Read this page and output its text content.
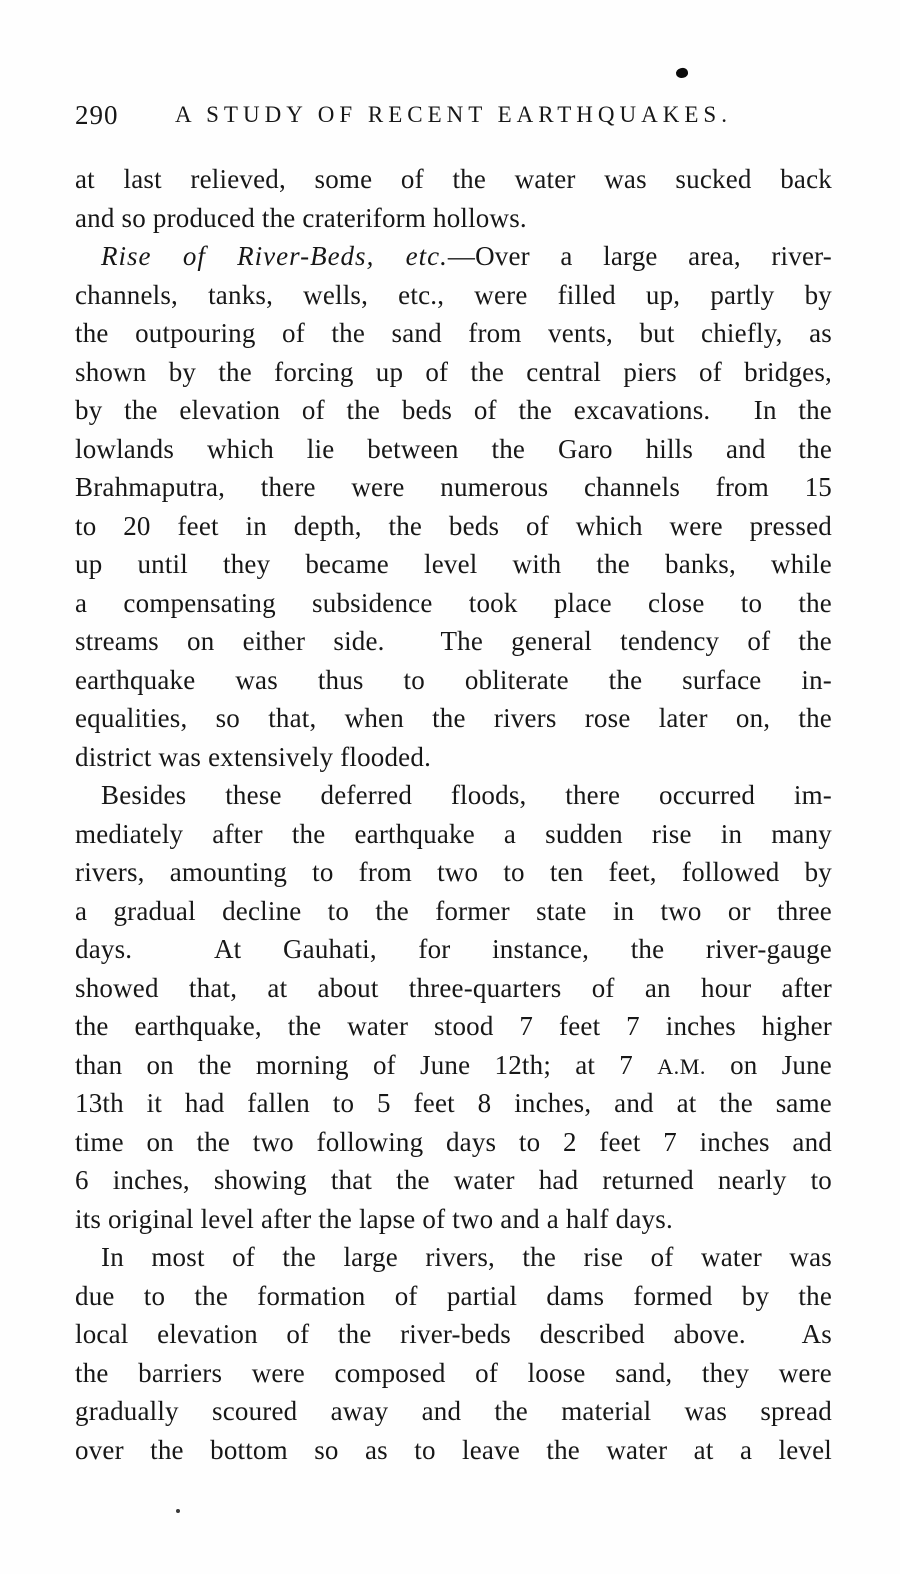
290 A STUDY OF RECENT EARTHQUAKES.
at last relieved, some of the water was sucked back
and so produced the crateriform hollows.
Rise of River-Beds, etc.—Over a large area, river-
channels, tanks, wells, etc., were filled up, partly by
the outpouring of the sand from vents, but chiefly, as
shown by the forcing up of the central piers of bridges,
by the elevation of the beds of the excavations.  In the
lowlands which lie between the Garo hills and the
Brahmaputra, there were numerous channels from 15
to 20 feet in depth, the beds of which were pressed
up until they became level with the banks, while
a compensating subsidence took place close to the
streams on either side.  The general tendency of the
earthquake was thus to obliterate the surface in-
equalities, so that, when the rivers rose later on, the
district was extensively flooded.
Besides these deferred floods, there occurred im-
mediately after the earthquake a sudden rise in many
rivers, amounting to from two to ten feet, followed by
a gradual decline to the former state in two or three
days.  At Gauhati, for instance, the river-gauge
showed that, at about three-quarters of an hour after
the earthquake, the water stood 7 feet 7 inches higher
than on the morning of June 12th; at 7 A.M. on June
13th it had fallen to 5 feet 8 inches, and at the same
time on the two following days to 2 feet 7 inches and
6 inches, showing that the water had returned nearly to
its original level after the lapse of two and a half days.
In most of the large rivers, the rise of water was
due to the formation of partial dams formed by the
local elevation of the river-beds described above.  As
the barriers were composed of loose sand, they were
gradually scoured away and the material was spread
over the bottom so as to leave the water at a level
